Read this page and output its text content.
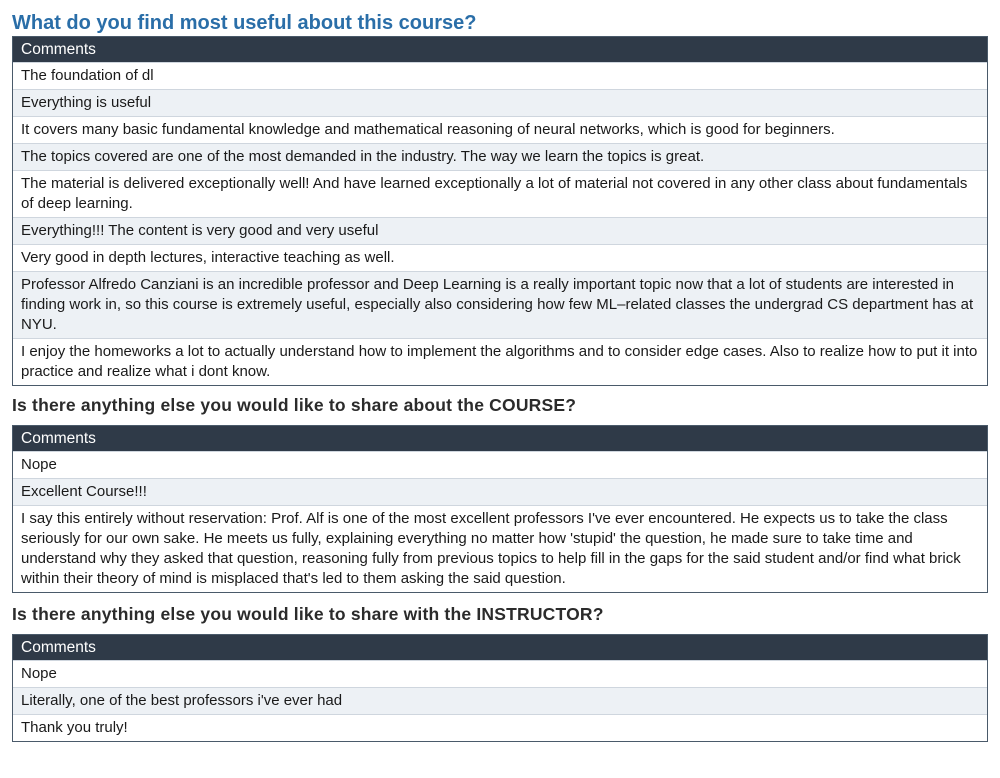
What do you find most useful about this course?
Comments
The foundation of dl
Everything is useful
It covers many basic fundamental knowledge and mathematical reasoning of neural networks, which is good for beginners.
The topics covered are one of the most demanded in the industry. The way we learn the topics is great.
The material is delivered exceptionally well! And have learned exceptionally a lot of material not covered in any other class about fundamentals of deep learning.
Everything!!! The content is very good and very useful
Very good in depth lectures, interactive teaching as well.
Professor Alfredo Canziani is an incredible professor and Deep Learning is a really important topic now that a lot of students are interested in finding work in, so this course is extremely useful, especially also considering how few ML–related classes the undergrad CS department has at NYU.
I enjoy the homeworks a lot to actually understand how to implement the algorithms and to consider edge cases. Also to realize how to put it into practice and realize what i dont know.
Is there anything else you would like to share about the COURSE?
Comments
Nope
Excellent Course!!!
I say this entirely without reservation: Prof. Alf is one of the most excellent professors I've ever encountered. He expects us to take the class seriously for our own sake. He meets us fully, explaining everything no matter how 'stupid' the question, he made sure to take time and understand why they asked that question, reasoning fully from previous topics to help fill in the gaps for the said student and/or find what brick within their theory of mind is misplaced that's led to them asking the said question.
Is there anything else you would like to share with the INSTRUCTOR?
Comments
Nope
Literally, one of the best professors i've ever had
Thank you truly!
